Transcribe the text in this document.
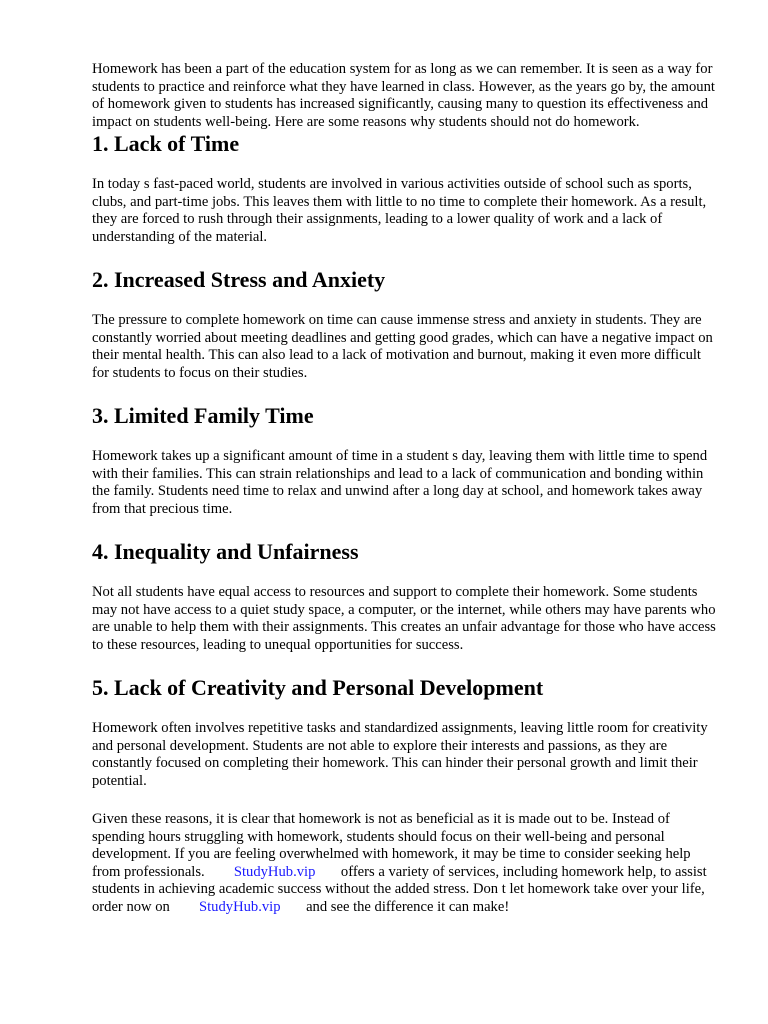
Homework has been a part of the education system for as long as we can remember. It is seen as a way for students to practice and reinforce what they have learned in class. However, as the years go by, the amount of homework given to students has increased significantly, causing many to question its effectiveness and impact on students well-being. Here are some reasons why students should not do homework.

1. Lack of Time

In today s fast-paced world, students are involved in various activities outside of school such as sports, clubs, and part-time jobs. This leaves them with little to no time to complete their homework. As a result, they are forced to rush through their assignments, leading to a lower quality of work and a lack of understanding of the material.

2. Increased Stress and Anxiety

The pressure to complete homework on time can cause immense stress and anxiety in students. They are constantly worried about meeting deadlines and getting good grades, which can have a negative impact on their mental health. This can also lead to a lack of motivation and burnout, making it even more difficult for students to focus on their studies.

3. Limited Family Time

Homework takes up a significant amount of time in a student s day, leaving them with little time to spend with their families. This can strain relationships and lead to a lack of communication and bonding within the family. Students need time to relax and unwind after a long day at school, and homework takes away from that precious time.

4. Inequality and Unfairness

Not all students have equal access to resources and support to complete their homework. Some students may not have access to a quiet study space, a computer, or the internet, while others may have parents who are unable to help them with their assignments. This creates an unfair advantage for those who have access to these resources, leading to unequal opportunities for success.

5. Lack of Creativity and Personal Development

Homework often involves repetitive tasks and standardized assignments, leaving little room for creativity and personal development. Students are not able to explore their interests and passions, as they are constantly focused on completing their homework. This can hinder their personal growth and limit their potential.

Given these reasons, it is clear that homework is not as beneficial as it is made out to be. Instead of spending hours struggling with homework, students should focus on their well-being and personal development. If you are feeling overwhelmed with homework, it may be time to consider seeking help from professionals. StudyHub.vip offers a variety of services, including homework help, to assist students in achieving academic success without the added stress. Don t let homework take over your life, order now on StudyHub.vip and see the difference it can make!
